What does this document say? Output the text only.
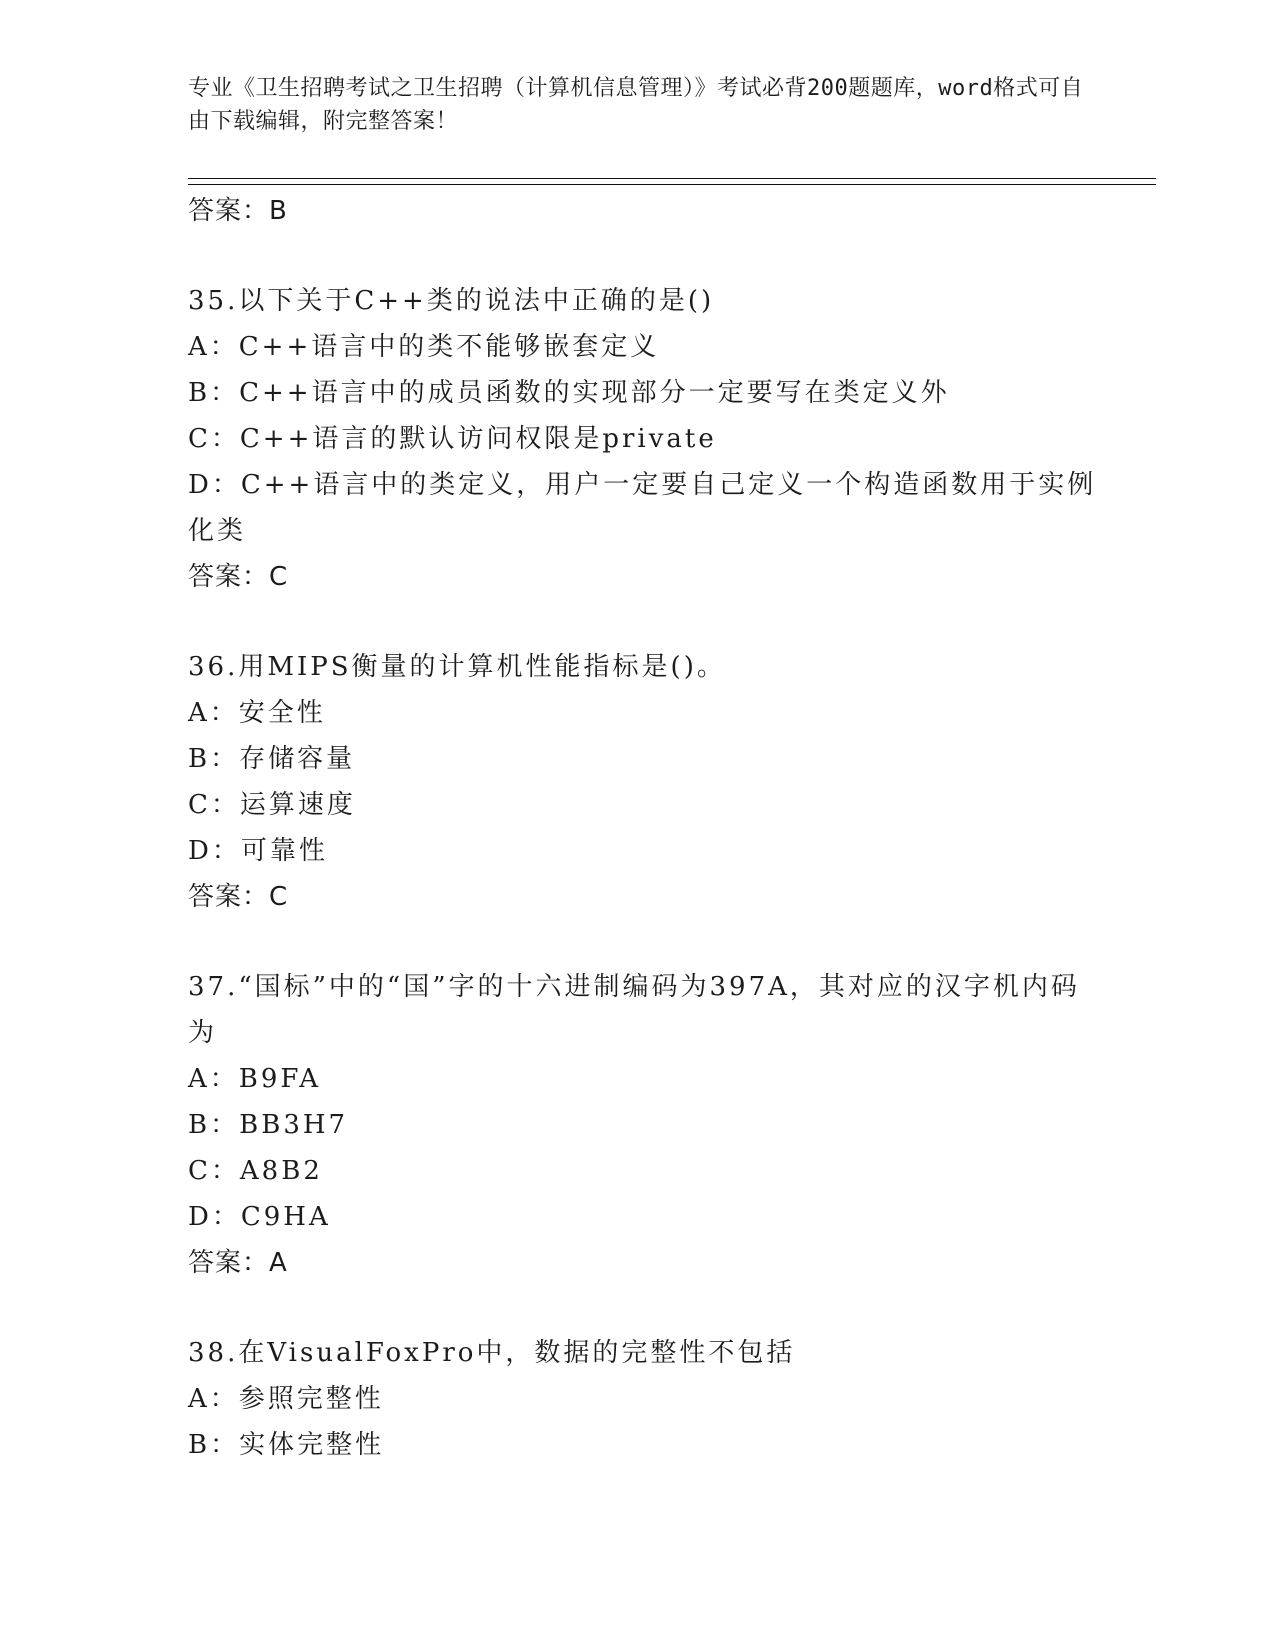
专业《卫生招聘考试之卫生招聘（计算机信息管理）》考试必背200题题库，word格式可自由下载编辑，附完整答案！
答案：B

35.以下关于C++类的说法中正确的是()

A：C++语言中的类不能够嵌套定义

B：C++语言中的成员函数的实现部分一定要写在类定义外

C：C++语言的默认访问权限是private

D：C++语言中的类定义，用户一定要自己定义一个构造函数用于实例化类

答案：C

36.用MIPS衡量的计算机性能指标是()。

A：安全性

B：存储容量

C：运算速度

D：可靠性

答案：C

37.“国标”中的“国”字的十六进制编码为397A，其对应的汉字机内码为

A：B9FA

B：BB3H7

C：A8B2

D：C9HA

答案：A

38.在VisualFoxPro中，数据的完整性不包括

A：参照完整性

B：实体完整性
